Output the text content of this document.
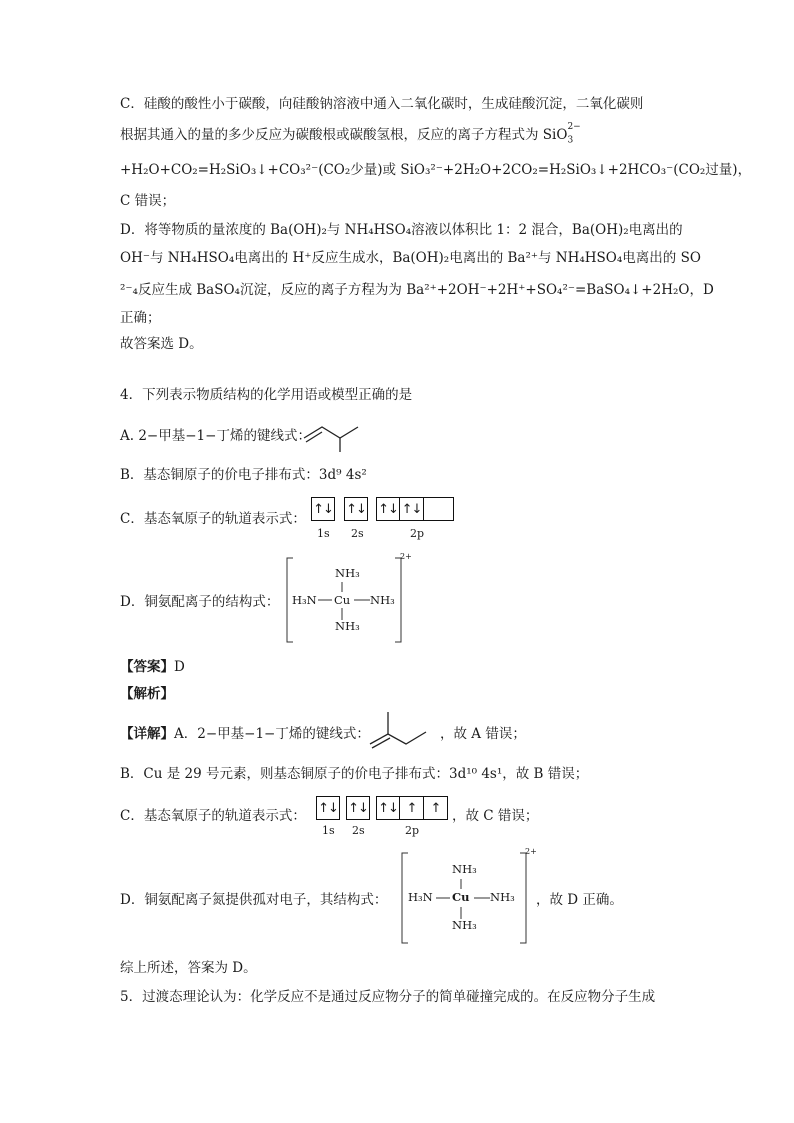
C．硅酸的酸性小于碳酸，向硅酸钠溶液中通入二氧化碳时，生成硅酸沉淀，二氧化碳则
根据其通入的量的多少反应为碳酸根或碳酸氢根，反应的离子方程式为 SiO$_3$
2−
+H₂O+CO₂=H₂SiO₃↓+CO₃²⁻(CO₂少量)或 SiO₃²⁻+2H₂O+2CO₂=H₂SiO₃↓+2HCO₃⁻(CO₂过量)，
C 错误；
D．将等物质的量浓度的 Ba(OH)₂与 NH₄HSO₄溶液以体积比 1：2 混合，Ba(OH)₂电离出的
OH⁻与 NH₄HSO₄电离出的 H⁺反应生成水，Ba(OH)₂电离出的 Ba²⁺与 NH₄HSO₄电离出的 SO
²⁻₄反应生成 BaSO₄沉淀，反应的离子方程为为 Ba²⁺+2OH⁻+2H⁺+SO₄²⁻=BaSO₄↓+2H₂O，D
正确；
故答案选 D。
4．下列表示物质结构的化学用语或模型正确的是
A. 2−甲基−1−丁烯的键线式：
B．基态铜原子的价电子排布式：3d⁹ 4s²
C．基态氧原子的轨道表示式：
↑↓ ↑↓ ↑↓ ↑↓
1s 2s	2p
D．铜氨配离子的结构式：
2+
NH₃
H₃N Cu NH₃
NH₃
【答案】D
【解析】
【详解】A．2−甲基−1−丁烯的键线式：	，故 A 错误；
B．Cu 是 29 号元素，则基态铜原子的价电子排布式：3d¹⁰ 4s¹，故 B 错误；
C．基态氧原子的轨道表示式： ↑↓ ↑↓ ↑↓ ↑	↑
1s 2s	2p
，故 C 错误；
D．铜氨配离子氮提供孤对电子，其结构式：
2+
NH₃
H₃N Cu NH₃
NH₃
，故 D 正确。
综上所述，答案为 D。
5．过渡态理论认为：化学反应不是通过反应物分子的简单碰撞完成的。在反应物分子生成
